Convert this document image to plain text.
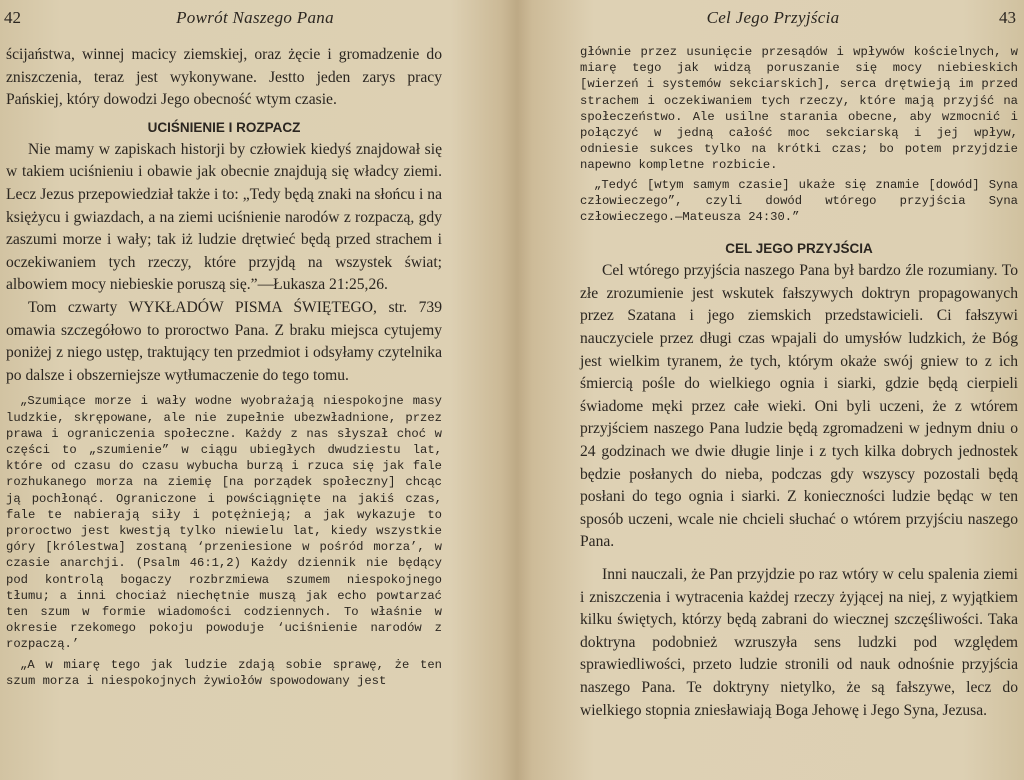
42	Powrót Naszego Pana

ścijaństwa, winnej macicy ziemskiej, oraz żęcie i gromadzenie do zniszczenia, teraz jest wykonywane. Jestto jeden zarys pracy Pańskiej, który dowodzi Jego obecność wtym czasie.

UCIŚNIENIE I ROZPACZ

Nie mamy w zapiskach historji by człowiek kiedyś znajdował się w takiem uciśnieniu i obawie jak obecnie znajdują się władcy ziemi. Lecz Jezus przepowiedział także i to: „Tedy będą znaki na słońcu i na księżycu i gwiazdach, a na ziemi uciśnienie narodów z rozpaczą, gdy zaszumi morze i wały; tak iż ludzie drętwieć będą przed strachem i oczekiwaniem tych rzeczy, które przyjdą na wszystek świat; albowiem mocy niebieskie poruszą się.”—Łukasza 21:25,26.

Tom czwarty WYKŁADÓW PISMA ŚWIĘTEGO, str. 739 omawia szczegółowo to proroctwo Pana. Z braku miejsca cytujemy poniżej z niego ustęp, traktujący ten przedmiot i odsyłamy czytelnika po dalsze i obszerniejsze wytłumaczenie do tego tomu.

„Szumiące morze i wały wodne wyobrażają niespokojne masy ludzkie, skrępowane, ale nie zupełnie ubezwładnione, przez prawa i ograniczenia społeczne. Każdy z nas słyszał choć w części to „szumienie” w ciągu ubiegłych dwudziestu lat, które od czasu do czasu wybucha burzą i rzuca się jak fale rozhukanego morza na ziemię [na porządek społeczny] chcąc ją pochłonąć. Ograniczone i powściągnięte na jakiś czas, fale te nabierają siły i potężnieją; a jak wykazuje to proroctwo jest kwestją tylko niewielu lat, kiedy wszystkie góry [królestwa] zostaną ‘przeniesione w pośród morza’, w czasie anarchji. (Psalm 46:1,2) Każdy dziennik nie będący pod kontrolą bogaczy rozbrzmiewa szumem niespokojnego tłumu; a inni chociaż niechętnie muszą jak echo powtarzać ten szum w formie wiadomości codziennych. To właśnie w okresie rzekomego pokoju powoduje ‘uciśnienie narodów z rozpaczą.’

„A w miarę tego jak ludzie zdają sobie sprawę, że ten szum morza i niespokojnych żywiołów spowodowany jest

Cel Jego Przyjścia	43

głównie przez usunięcie przesądów i wpływów kościelnych, w miarę tego jak widzą poruszanie się mocy niebieskich [wierzeń i systemów sekciarskich], serca drętwieją im przed strachem i oczekiwaniem tych rzeczy, które mają przyjść na społeczeństwo. Ale usilne starania obecne, aby wzmocnić i połączyć w jedną całość moc sekciarską i jej wpływ, odniesie sukces tylko na krótki czas; bo potem przyjdzie napewno kompletne rozbicie.

„Tedyć [wtym samym czasie] ukaże się znamie [dowód] Syna człowieczego”, czyli dowód wtórego przyjścia Syna człowieczego.—Mateusza 24:30.”

CEL JEGO PRZYJŚCIA

Cel wtórego przyjścia naszego Pana był bardzo źle rozumiany. To złe zrozumienie jest wskutek fałszywych doktryn propagowanych przez Szatana i jego ziemskich przedstawicieli. Ci fałszywi nauczyciele przez długi czas wpajali do umysłów ludzkich, że Bóg jest wielkim tyranem, że tych, którym okaże swój gniew to z ich śmiercią pośle do wielkiego ognia i siarki, gdzie będą cierpieli świadome męki przez całe wieki. Oni byli uczeni, że z wtórem przyjściem naszego Pana ludzie będą zgromadzeni w jednym dniu o 24 godzinach we dwie długie linje i z tych kilka dobrych jednostek będzie posłanych do nieba, podczas gdy wszyscy pozostali będą posłani do tego ognia i siarki. Z konieczności ludzie będąc w ten sposób uczeni, wcale nie chcieli słuchać o wtórem przyjściu naszego Pana.

Inni nauczali, że Pan przyjdzie po raz wtóry w celu spalenia ziemi i zniszczenia i wytracenia każdej rzeczy żyjącej na niej, z wyjątkiem kilku świętych, którzy będą zabrani do wiecznej szczęśliwości. Taka doktryna podobnież wzruszyła sens ludzki pod względem sprawiedliwości, przeto ludzie stronili od nauk odnośnie przyjścia naszego Pana. Te doktryny nietylko, że są fałszywe, lecz do wielkiego stopnia zniesławiają Boga Jehowę i Jego Syna, Jezusa.
